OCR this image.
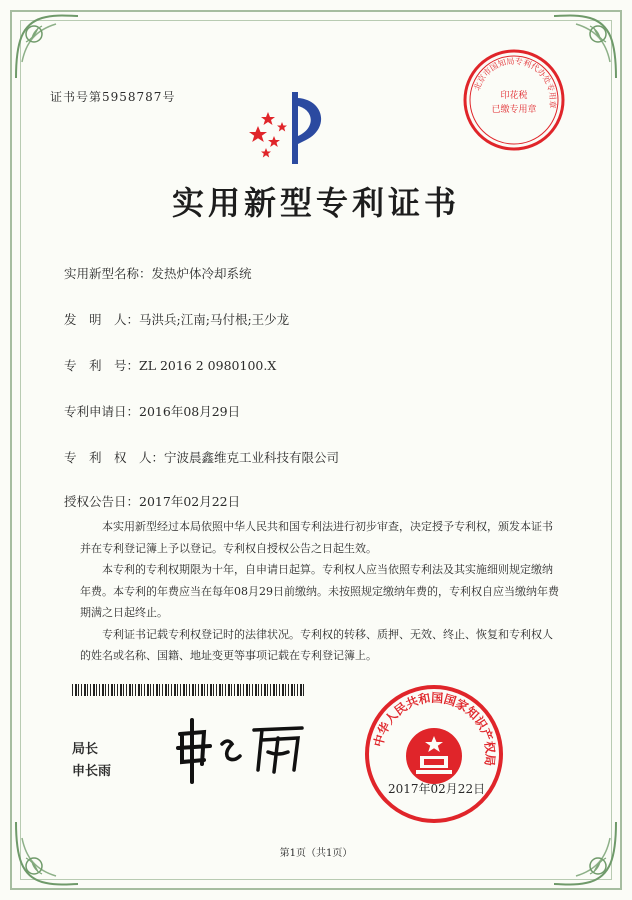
证书号第5958787号
北京市国知局专利代办处专用章
印花税
已缴专用章
实用新型专利证书
实用新型名称：发热炉体冷却系统
发　明　人：马洪兵;江南;马付根;王少龙
专　利　号：ZL 2016 2 0980100.X
专利申请日：2016年08月29日
专　利　权　人：宁波晨鑫维克工业科技有限公司
授权公告日：2017年02月22日

本实用新型经过本局依照中华人民共和国专利法进行初步审查，决定授予专利权，颁发本证书并在专利登记簿上予以登记。专利权自授权公告之日起生效。

本专利的专利权期限为十年，自申请日起算。专利权人应当依照专利法及其实施细则规定缴纳年费。本专利的年费应当在每年08月29日前缴纳。未按照规定缴纳年费的，专利权自应当缴纳年费期满之日起终止。

专利证书记载专利权登记时的法律状况。专利权的转移、质押、无效、终止、恢复和专利权人的姓名或名称、国籍、地址变更等事项记载在专利登记簿上。

局长
申长雨
中华人民共和国国家知识产权局
2017年02月22日
第1页（共1页）
